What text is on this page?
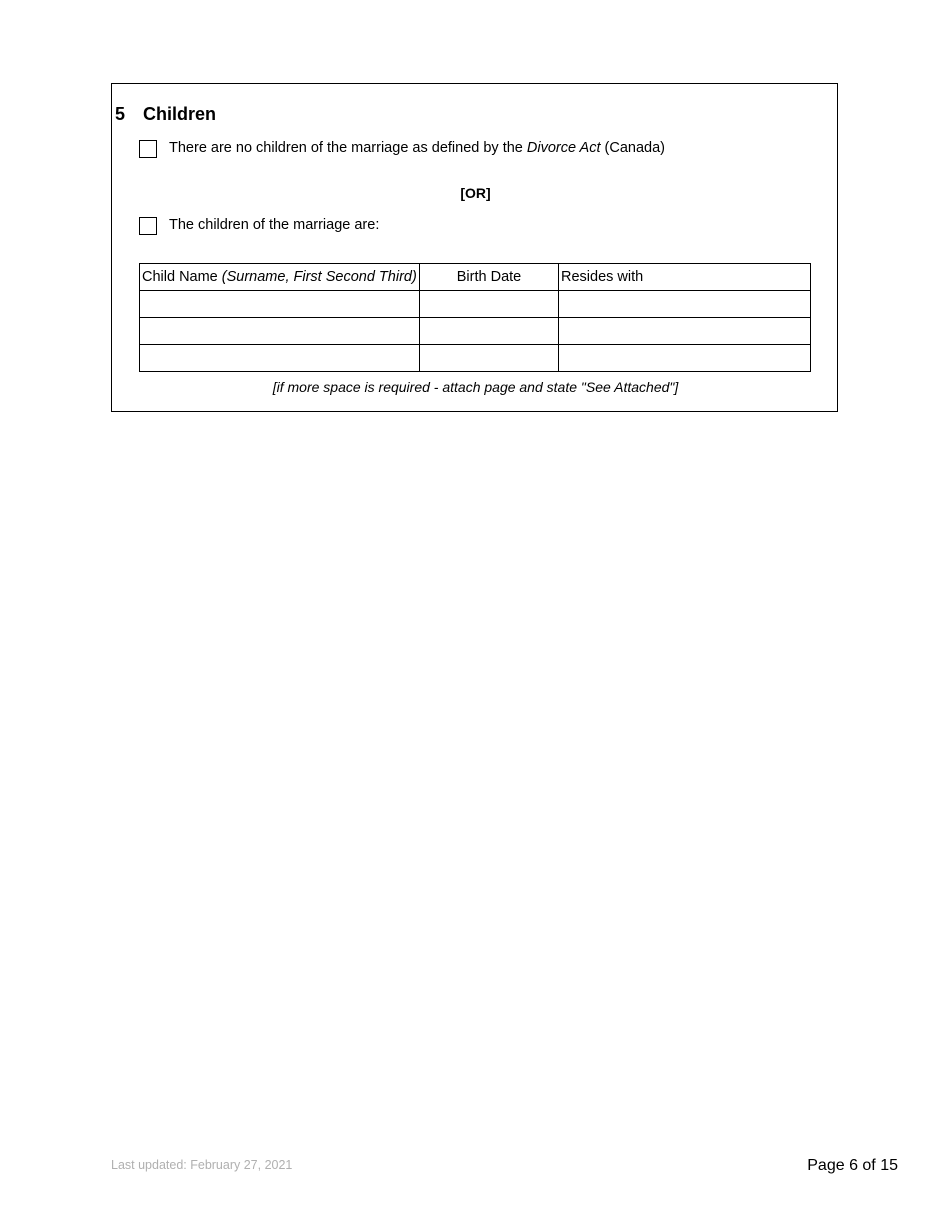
5 Children
There are no children of the marriage as defined by the Divorce Act (Canada)
[OR]
The children of the marriage are:
Child Name (Surname, First Second Third)	Birth Date	Resides with

[if more space is required - attach page and state "See Attached"]
Last updated: February 27, 2021	Page 6 of 15
